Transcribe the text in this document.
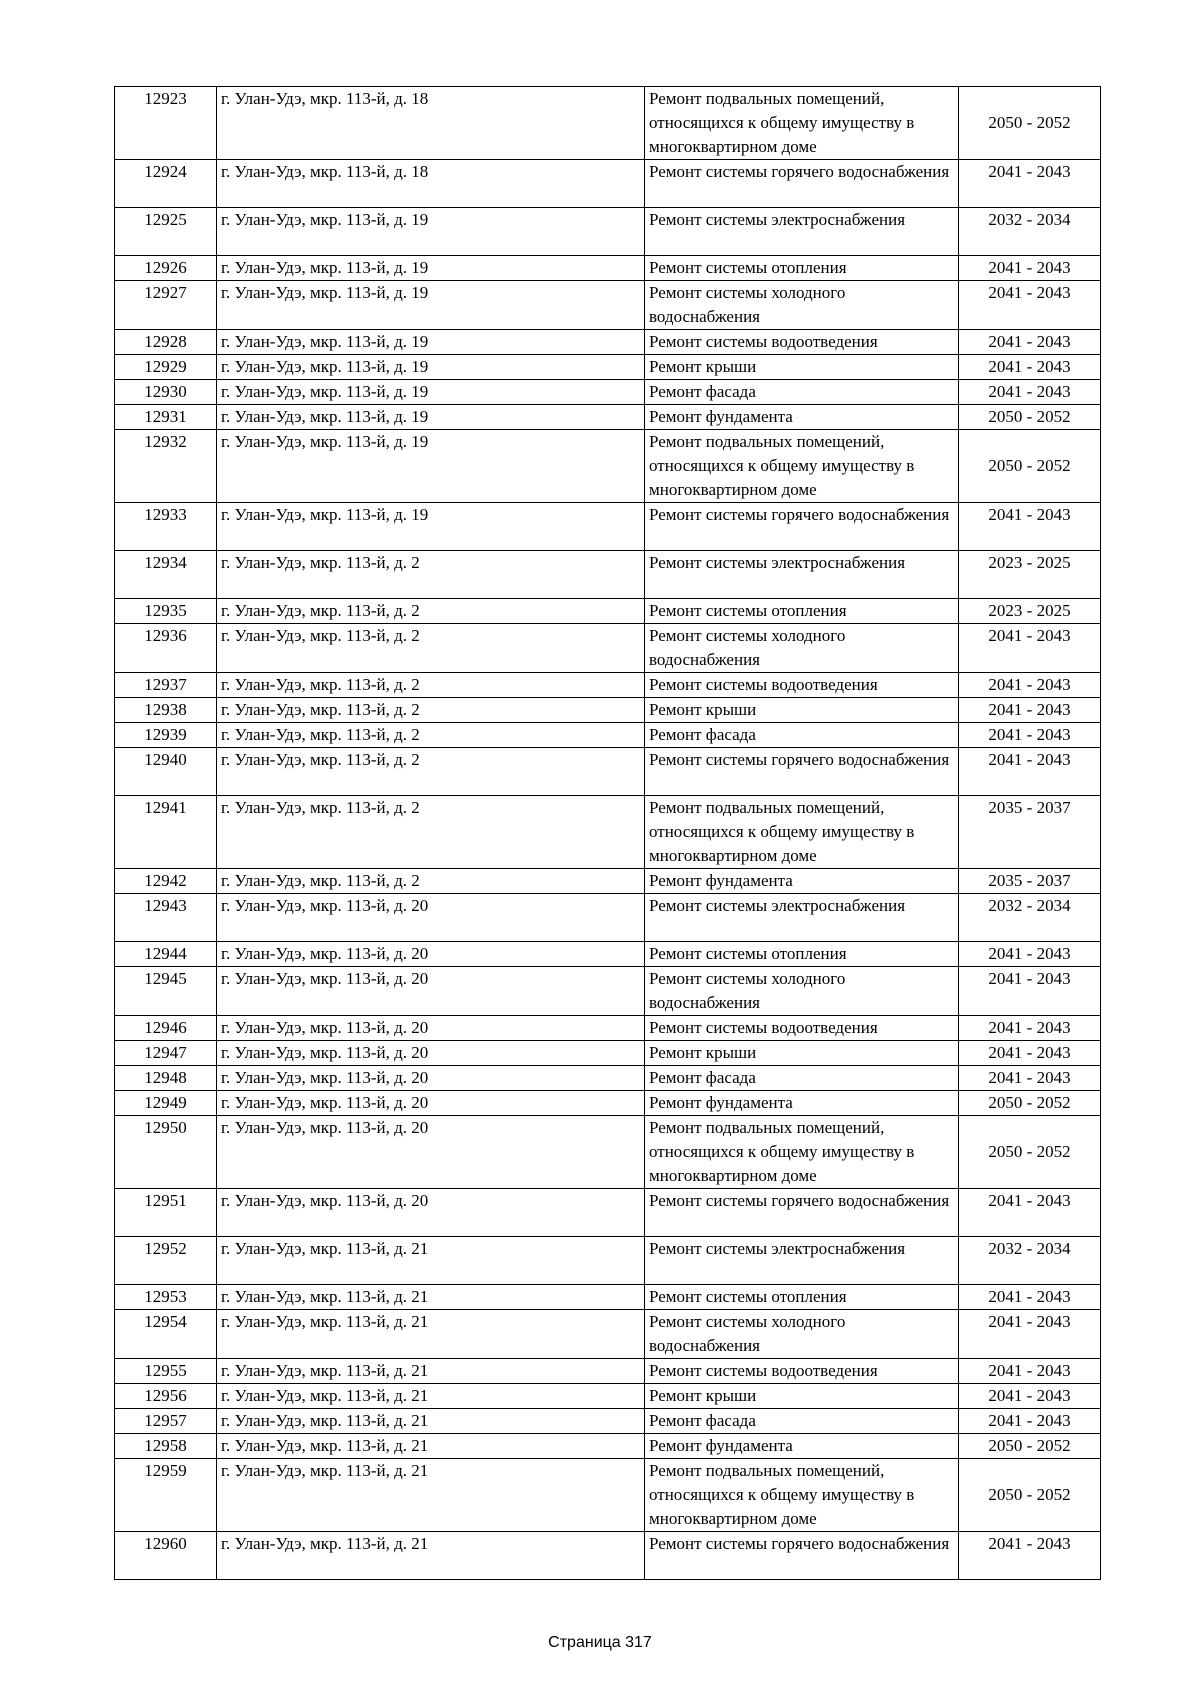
12923	г. Улан-Удэ, мкр. 113-й, д. 18	Ремонт подвальных помещений, относящихся к общему имуществу в многоквартирном доме	2050 - 2052
12924	г. Улан-Удэ, мкр. 113-й, д. 18	Ремонт системы горячего водоснабжения	2041 - 2043
12925	г. Улан-Удэ, мкр. 113-й, д. 19	Ремонт системы электроснабжения	2032 - 2034
12926	г. Улан-Удэ, мкр. 113-й, д. 19	Ремонт системы отопления	2041 - 2043
12927	г. Улан-Удэ, мкр. 113-й, д. 19	Ремонт системы холодного водоснабжения	2041 - 2043
12928	г. Улан-Удэ, мкр. 113-й, д. 19	Ремонт системы водоотведения	2041 - 2043
12929	г. Улан-Удэ, мкр. 113-й, д. 19	Ремонт крыши	2041 - 2043
12930	г. Улан-Удэ, мкр. 113-й, д. 19	Ремонт фасада	2041 - 2043
12931	г. Улан-Удэ, мкр. 113-й, д. 19	Ремонт фундамента	2050 - 2052
12932	г. Улан-Удэ, мкр. 113-й, д. 19	Ремонт подвальных помещений, относящихся к общему имуществу в многоквартирном доме	2050 - 2052
12933	г. Улан-Удэ, мкр. 113-й, д. 19	Ремонт системы горячего водоснабжения	2041 - 2043
12934	г. Улан-Удэ, мкр. 113-й, д. 2	Ремонт системы электроснабжения	2023 - 2025
12935	г. Улан-Удэ, мкр. 113-й, д. 2	Ремонт системы отопления	2023 - 2025
12936	г. Улан-Удэ, мкр. 113-й, д. 2	Ремонт системы холодного водоснабжения	2041 - 2043
12937	г. Улан-Удэ, мкр. 113-й, д. 2	Ремонт системы водоотведения	2041 - 2043
12938	г. Улан-Удэ, мкр. 113-й, д. 2	Ремонт крыши	2041 - 2043
12939	г. Улан-Удэ, мкр. 113-й, д. 2	Ремонт фасада	2041 - 2043
12940	г. Улан-Удэ, мкр. 113-й, д. 2	Ремонт системы горячего водоснабжения	2041 - 2043
12941	г. Улан-Удэ, мкр. 113-й, д. 2	Ремонт подвальных помещений, относящихся к общему имуществу в многоквартирном доме	2035 - 2037
12942	г. Улан-Удэ, мкр. 113-й, д. 2	Ремонт фундамента	2035 - 2037
12943	г. Улан-Удэ, мкр. 113-й, д. 20	Ремонт системы электроснабжения	2032 - 2034
12944	г. Улан-Удэ, мкр. 113-й, д. 20	Ремонт системы отопления	2041 - 2043
12945	г. Улан-Удэ, мкр. 113-й, д. 20	Ремонт системы холодного водоснабжения	2041 - 2043
12946	г. Улан-Удэ, мкр. 113-й, д. 20	Ремонт системы водоотведения	2041 - 2043
12947	г. Улан-Удэ, мкр. 113-й, д. 20	Ремонт крыши	2041 - 2043
12948	г. Улан-Удэ, мкр. 113-й, д. 20	Ремонт фасада	2041 - 2043
12949	г. Улан-Удэ, мкр. 113-й, д. 20	Ремонт фундамента	2050 - 2052
12950	г. Улан-Удэ, мкр. 113-й, д. 20	Ремонт подвальных помещений, относящихся к общему имуществу в многоквартирном доме	2050 - 2052
12951	г. Улан-Удэ, мкр. 113-й, д. 20	Ремонт системы горячего водоснабжения	2041 - 2043
12952	г. Улан-Удэ, мкр. 113-й, д. 21	Ремонт системы электроснабжения	2032 - 2034
12953	г. Улан-Удэ, мкр. 113-й, д. 21	Ремонт системы отопления	2041 - 2043
12954	г. Улан-Удэ, мкр. 113-й, д. 21	Ремонт системы холодного водоснабжения	2041 - 2043
12955	г. Улан-Удэ, мкр. 113-й, д. 21	Ремонт системы водоотведения	2041 - 2043
12956	г. Улан-Удэ, мкр. 113-й, д. 21	Ремонт крыши	2041 - 2043
12957	г. Улан-Удэ, мкр. 113-й, д. 21	Ремонт фасада	2041 - 2043
12958	г. Улан-Удэ, мкр. 113-й, д. 21	Ремонт фундамента	2050 - 2052
12959	г. Улан-Удэ, мкр. 113-й, д. 21	Ремонт подвальных помещений, относящихся к общему имуществу в многоквартирном доме	2050 - 2052
12960	г. Улан-Удэ, мкр. 113-й, д. 21	Ремонт системы горячего водоснабжения	2041 - 2043
Страница 317
